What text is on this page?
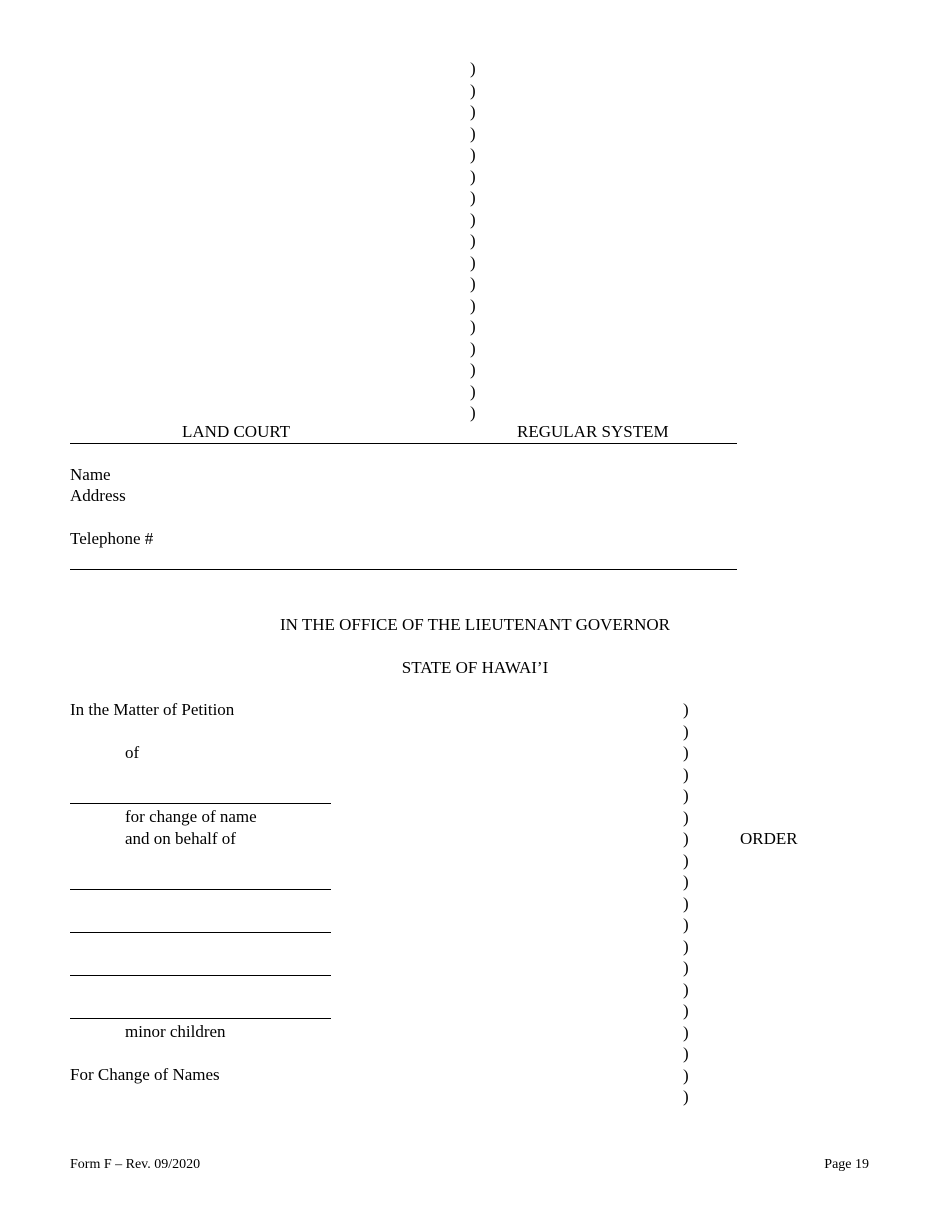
)
)
)
)
)
)
)
)
)
)
)
)
)
)
)
)
)
LAND COURT	REGULAR SYSTEM
Name
Address
Telephone #
IN THE OFFICE OF THE LIEUTENANT GOVERNOR
STATE OF HAWAI’I
In the Matter of Petition
of
for change of name
and on behalf of
minor children
For Change of Names
)
)
)
)
)
)
)
)
)
)
)
)
)
)
)
)
)
)
)
ORDER
Form F – Rev. 09/2020	Page 19
